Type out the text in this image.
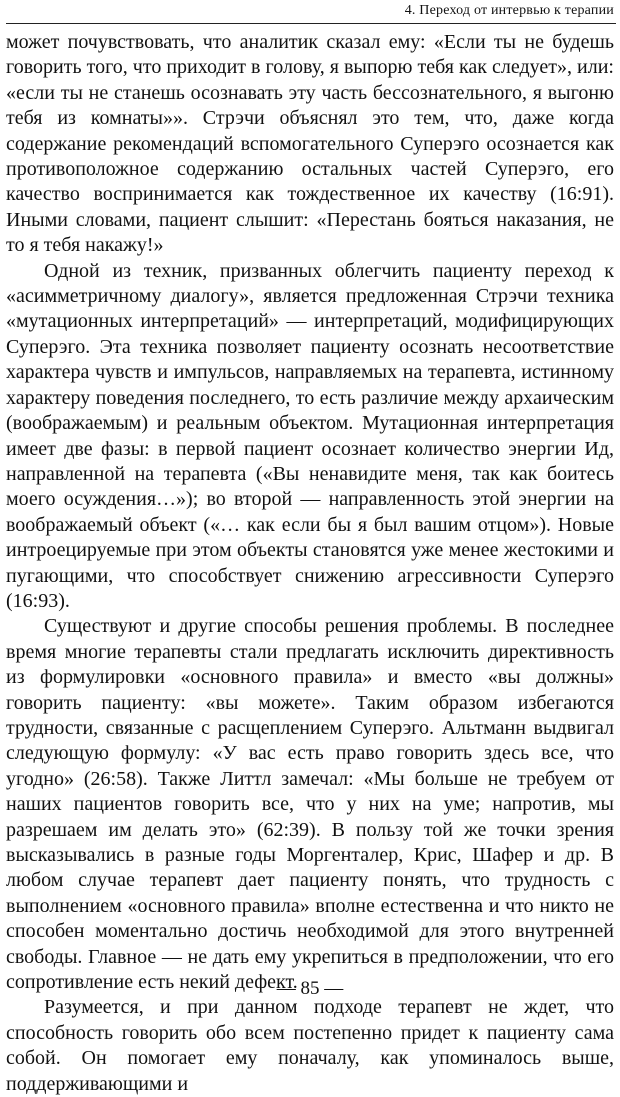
4. Переход от интервью к терапии

может почувствовать, что аналитик сказал ему: «Если ты не будешь говорить того, что приходит в голову, я выпорю тебя как следует», или: «если ты не станешь осознавать эту часть бессознательного, я выгоню тебя из комнаты»». Стрэчи объяснял это тем, что, даже когда содержание рекомендаций вспомогательного Суперэго осознается как противоположное содержанию остальных частей Суперэго, его качество воспринимается как тождественное их качеству (16:91). Иными словами, пациент слышит: «Перестань бояться наказания, не то я тебя накажу!»

Одной из техник, призванных облегчить пациенту переход к «асимметричному диалогу», является предложенная Стрэчи техника «мутационных интерпретаций» — интерпретаций, модифицирующих Суперэго. Эта техника позволяет пациенту осознать несоответствие характера чувств и импульсов, направляемых на терапевта, истинному характеру поведения последнего, то есть различие между архаическим (воображаемым) и реальным объектом. Мутационная интерпретация имеет две фазы: в первой пациент осознает количество энергии Ид, направленной на терапевта («Вы ненавидите меня, так как боитесь моего осуждения…»); во второй — направленность этой энергии на воображаемый объект («… как если бы я был вашим отцом»). Новые интроецируемые при этом объекты становятся уже менее жестокими и пугающими, что способствует снижению агрессивности Суперэго (16:93).

Существуют и другие способы решения проблемы. В последнее время многие терапевты стали предлагать исключить директивность из формулировки «основного правила» и вместо «вы должны» говорить пациенту: «вы можете». Таким образом избегаются трудности, связанные с расщеплением Суперэго. Альтманн выдвигал следующую формулу: «У вас есть право говорить здесь все, что угодно» (26:58). Также Литтл замечал: «Мы больше не требуем от наших пациентов говорить все, что у них на уме; напротив, мы разрешаем им делать это» (62:39). В пользу той же точки зрения высказывались в разные годы Моргенталер, Крис, Шафер и др. В любом случае терапевт дает пациенту понять, что трудность с выполнением «основного правила» вполне естественна и что никто не способен моментально достичь необходимой для этого внутренней свободы. Главное — не дать ему укрепиться в предположении, что его сопротивление есть некий дефект.

Разумеется, и при данном подходе терапевт не ждет, что способность говорить обо всем постепенно придет к пациенту сама собой. Он помогает ему поначалу, как упоминалось выше, поддерживающими и

— 85 —
